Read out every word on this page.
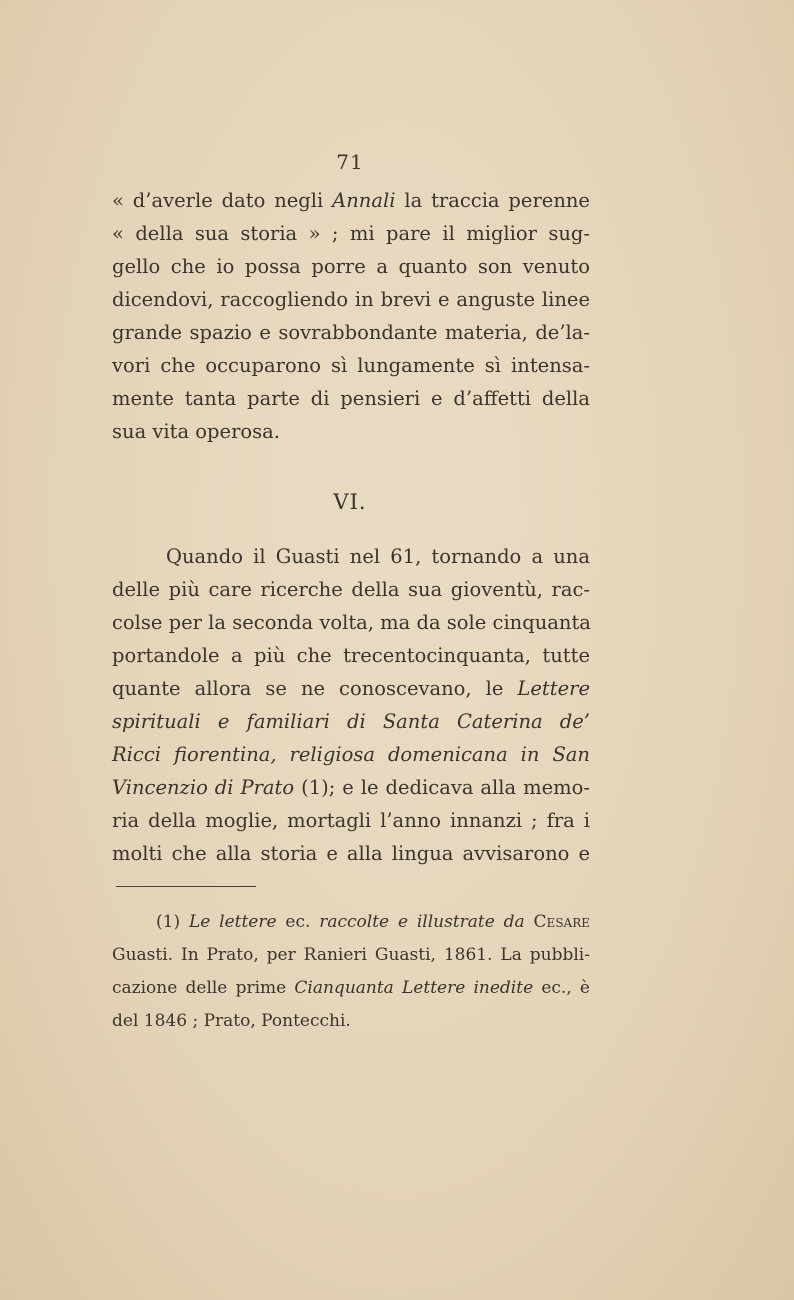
71
« d’averle dato negli Annali la traccia perenne
« della sua storia » ; mi pare il miglior sug-
gello che io possa porre a quanto son venuto
dicendovi, raccogliendo in brevi e anguste linee
grande spazio e sovrabbondante materia, de’la-
vori che occuparono sì lungamente sì intensa-
mente tanta parte di pensieri e d’affetti della
sua vita operosa.
VI.
Quando il Guasti nel 61, tornando a una
delle più care ricerche della sua gioventù, rac-
colse per la seconda volta, ma da sole cinquanta
portandole a più che trecentocinquanta, tutte
quante allora se ne conoscevano, le Lettere
spirituali e familiari di Santa Caterina de’
Ricci fiorentina, religiosa domenicana in San
Vincenzio di Prato (1); e le dedicava alla memo-
ria della moglie, mortagli l’anno innanzi ; fra i
molti che alla storia e alla lingua avvisarono e
(1) Le lettere ec. raccolte e illustrate da Cesare
Guasti. In Prato, per Ranieri Guasti, 1861. La pubbli-
cazione delle prime Cianquanta Lettere inedite ec., è
del 1846 ; Prato, Pontecchi.
